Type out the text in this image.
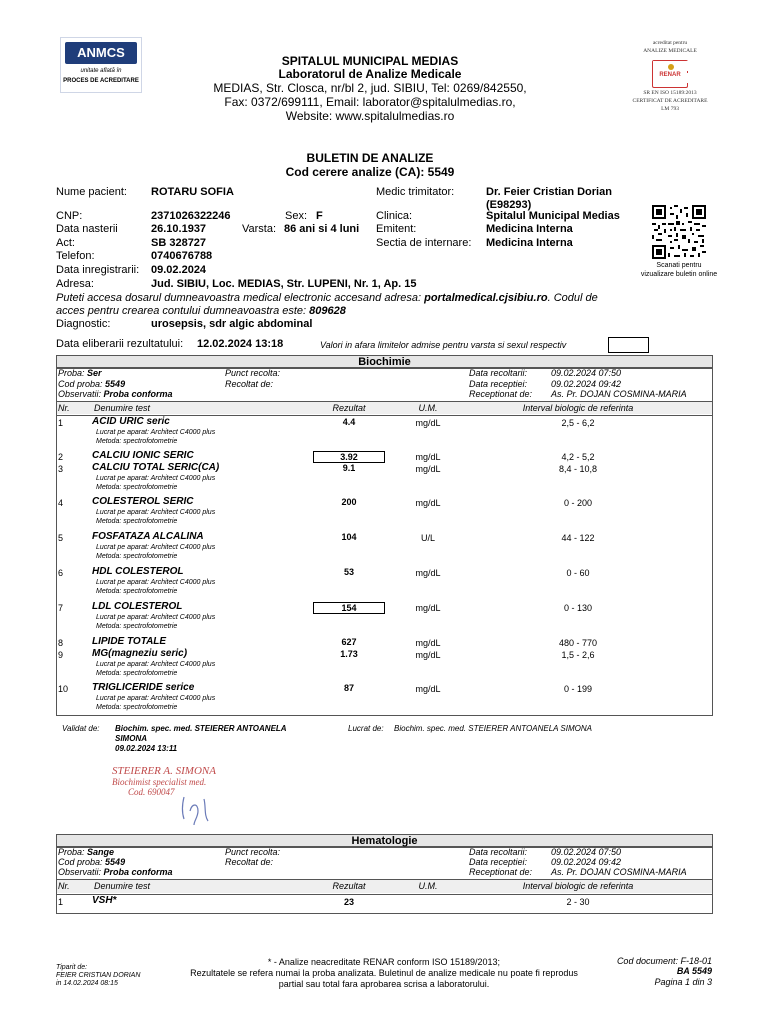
ANMCS
unitate aflată în
PROCES DE ACREDITARE
SPITALUL MUNICIPAL MEDIAS
Laboratorul de Analize Medicale
MEDIAS, Str. Closca, nr/bl 2, jud. SIBIU, Tel: 0269/842550,
Fax: 0372/699111, Email: laborator@spitalulmedias.ro,
Website: www.spitalulmedias.ro
acreditat pentru
ANALIZE MEDICALE
RENAR
SR EN ISO 15189:2013
CERTIFICAT DE ACREDITARE
LM 793
BULETIN DE ANALIZE
Cod cerere analize (CA): 5549
Nume pacient: ROTARU SOFIA	Medic trimitator:	Dr. Feier Cristian Dorian
(E98293)
CNP:	2371026322246	Sex: F	Clinica:	Spitalul Municipal Medias
Data nasterii	26.10.1937	Varsta: 86 ani si 4 luni Emitent:	Medicina Interna
Act:	SB 328727	Sectia de internare: Medicina Interna
Telefon:	0740676788
Data inregistrarii: 09.02.2024
Adresa:	Jud. SIBIU, Loc. MEDIAS, Str. LUPENI, Nr. 1, Ap. 15
Scanati pentru vizualizare buletin online
Puteti accesa dosarul dumneavoastra medical electronic accesand adresa: portalmedical.cjsibiu.ro. Codul de
acces pentru crearea contului dumneavoastra este: 809628
Diagnostic:	urosepsis, sdr algic abdominal
Data eliberarii rezultatului: 12.02.2024 13:18	Valori in afara limitelor admise pentru varsta si sexul respectiv
Biochimie
Proba: Ser
Cod proba: 5549
Observatii: Proba conforma
Punct recolta:
Recoltat de:
Data recoltarii:	09.02.2024 07:50
Data receptiei:	09.02.2024 09:42
Receptionat de: As. Pr. DOJAN COSMINA-MARIA
Nr.	Denumire test	Rezultat	U.M.	Interval biologic de referinta
1	ACID URIC seric	4.4	mg/dL	2,5 - 6,2
Lucrat pe aparat: Architect C4000 plus
Metoda: spectrofotometrie
2	CALCIU IONIC SERIC	3.92	mg/dL	4,2 - 5,2
3	CALCIU TOTAL SERIC(CA)	9.1	mg/dL	8,4 - 10,8
Lucrat pe aparat: Architect C4000 plus
Metoda: spectrofotometrie
4	COLESTEROL SERIC	200	mg/dL	0 - 200
Lucrat pe aparat: Architect C4000 plus
Metoda: spectrofotometrie
5	FOSFATAZA ALCALINA	104	U/L	44 - 122
Lucrat pe aparat: Architect C4000 plus
Metoda: spectrofotometrie
6	HDL COLESTEROL	53	mg/dL	0 - 60
Lucrat pe aparat: Architect C4000 plus
Metoda: spectrofotometrie
7	LDL COLESTEROL	154	mg/dL	0 - 130
Lucrat pe aparat: Architect C4000 plus
Metoda: spectrofotometrie
8	LIPIDE TOTALE	627	mg/dL	480 - 770
9	MG(magneziu seric)	1.73	mg/dL	1,5 - 2,6
Lucrat pe aparat: Architect C4000 plus
Metoda: spectrofotometrie
10 TRIGLICERIDE serice	87	mg/dL	0 - 199
Lucrat pe aparat: Architect C4000 plus
Metoda: spectrofotometrie
Validat de: Biochim. spec. med. STEIERER ANTOANELA
SIMONA
09.02.2024 13:11
Lucrat de: Biochim. spec. med. STEIERER ANTOANELA SIMONA
STEIERER A. SIMONA
Biochimist specialist med.
Cod. 690047
Hematologie
Proba: Sange
Cod proba: 5549
Observatii: Proba conforma
Punct recolta:
Recoltat de:
Data recoltarii:	09.02.2024 07:50
Data receptiei:	09.02.2024 09:42
Receptionat de: As. Pr. DOJAN COSMINA-MARIA
Nr.	Denumire test	Rezultat	U.M.	Interval biologic de referinta
1	VSH*	23	2 - 30
Tiparit de:
FEIER CRISTIAN DORIAN
in 14.02.2024 08:15
* - Analize neacreditate RENAR conform ISO 15189/2013;
Rezultatele se refera numai la proba analizata. Buletinul de analize medicale nu poate fi reprodus
partial sau total fara aprobarea scrisa a laboratorului.
Cod document: F-18-01
BA 5549
Pagina 1 din 3
